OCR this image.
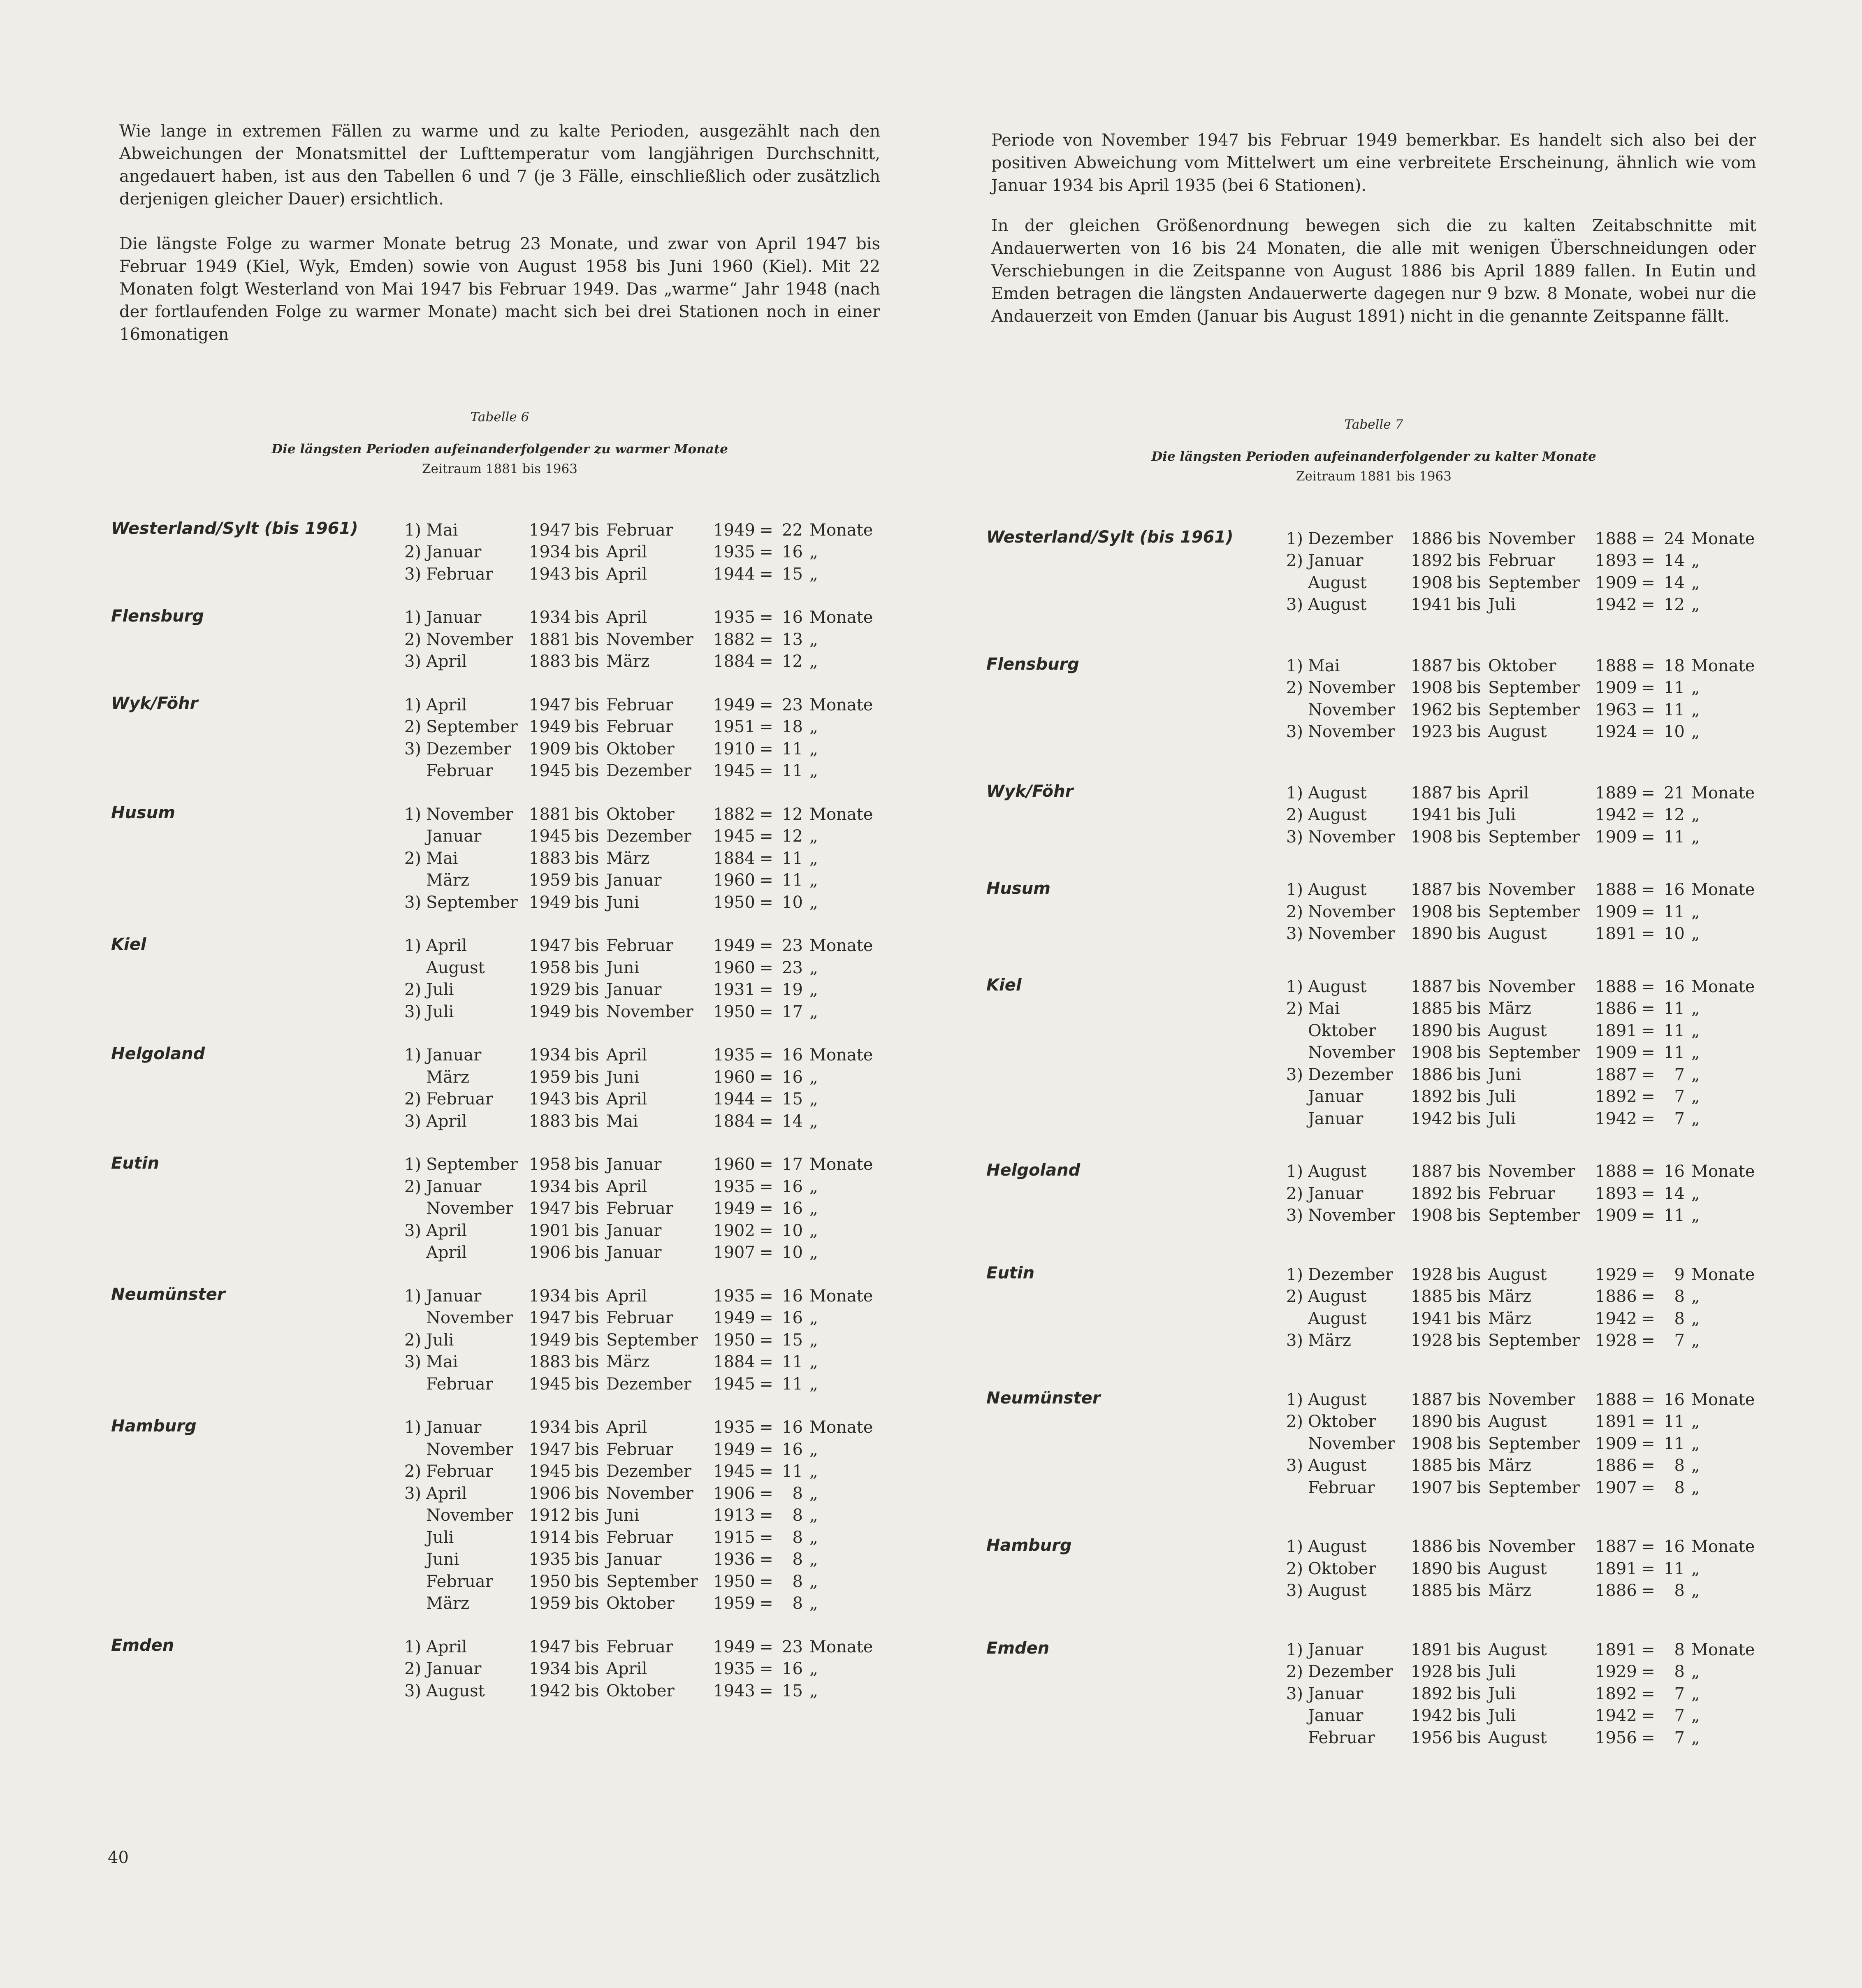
Wie lange in extremen Fällen zu warme und zu kalte Perioden, ausgezählt nach den Abweichungen der Monatsmittel der Lufttemperatur vom langjährigen Durchschnitt, angedauert haben, ist aus den Tabellen 6 und 7 (je 3 Fälle, einschließlich oder zusätzlich derjenigen gleicher Dauer) ersichtlich.

Die längste Folge zu warmer Monate betrug 23 Monate, und zwar von April 1947 bis Februar 1949 (Kiel, Wyk, Emden) sowie von August 1958 bis Juni 1960 (Kiel). Mit 22 Monaten folgt Westerland von Mai 1947 bis Februar 1949. Das „warme“ Jahr 1948 (nach der fortlaufenden Folge zu warmer Monate) macht sich bei drei Stationen noch in einer 16monatigen

Periode von November 1947 bis Februar 1949 bemerkbar. Es handelt sich also bei der positiven Abweichung vom Mittelwert um eine verbreitete Erscheinung, ähnlich wie vom Januar 1934 bis April 1935 (bei 6 Stationen).

In der gleichen Größenordnung bewegen sich die zu kalten Zeitabschnitte mit Andauerwerten von 16 bis 24 Monaten, die alle mit wenigen Überschneidungen oder Verschiebungen in die Zeitspanne von August 1886 bis April 1889 fallen. In Eutin und Emden betragen die längsten Andauerwerte dagegen nur 9 bzw. 8 Monate, wobei nur die Andauerzeit von Emden (Januar bis August 1891) nicht in die genannte Zeitspanne fällt.

Tabelle 6
Die längsten Perioden aufeinanderfolgender zu warmer Monate
Zeitraum 1881 bis 1963
Tabelle 7
Die längsten Perioden aufeinanderfolgender zu kalter Monate
Zeitraum 1881 bis 1963
Westerland/Sylt (bis 1961)	1) Mai	1947 bis Februar	1949 = 22 Monate
2) Januar	1934 bis April	1935 = 16 „
3) Februar	1943 bis April	1944 = 15 „
Flensburg	1) Januar	1934 bis April	1935 = 16 Monate
2) November 1881 bis November	1882 = 13 „
3) April	1883 bis März	1884 = 12 „
Wyk/Föhr	1) April	1947 bis Februar	1949 = 23 Monate
2) September 1949 bis Februar	1951 = 18 „
3) Dezember	1909 bis Oktober	1910 = 11 „
Februar	1945 bis Dezember	1945 = 11 „
Husum	1) November 1881 bis Oktober	1882 = 12 Monate
Januar	1945 bis Dezember	1945 = 12 „
2) Mai	1883 bis März	1884 = 11 „
März	1959 bis Januar	1960 = 11 „
3) September 1949 bis Juni	1950 = 10 „
Kiel	1) April	1947 bis Februar	1949 = 23 Monate
August	1958 bis Juni	1960 = 23 „
2) Juli	1929 bis Januar	1931 = 19 „
3) Juli	1949 bis November	1950 = 17 „
Helgoland	1) Januar	1934 bis April	1935 = 16 Monate
März	1959 bis Juni	1960 = 16 „
2) Februar	1943 bis April	1944 = 15 „
3) April	1883 bis Mai	1884 = 14 „
Eutin	1) September 1958 bis Januar	1960 = 17 Monate
2) Januar	1934 bis April	1935 = 16 „
November 1947 bis Februar	1949 = 16 „
3) April	1901 bis Januar	1902 = 10 „
April	1906 bis Januar	1907 = 10 „
Neumünster	1) Januar	1934 bis April	1935 = 16 Monate
November 1947 bis Februar	1949 = 16 „
2) Juli	1949 bis September 1950 = 15 „
3) Mai	1883 bis März	1884 = 11 „
Februar	1945 bis Dezember	1945 = 11 „
Hamburg	1) Januar	1934 bis April	1935 = 16 Monate
November 1947 bis Februar	1949 = 16 „
2) Februar	1945 bis Dezember	1945 = 11 „
3) April	1906 bis November	1906 =	8 „
November 1912 bis Juni	1913 =	8 „
Juli	1914 bis Februar	1915 =	8 „
Juni	1935 bis Januar	1936 =	8 „
Februar	1950 bis September 1950 =	8 „
März	1959 bis Oktober	1959 =	8 „
Emden	1) April	1947 bis Februar	1949 = 23 Monate
2) Januar	1934 bis April	1935 = 16 „
3) August	1942 bis Oktober	1943 = 15 „
Westerland/Sylt (bis 1961)	1) Dezember	1886 bis November	1888 = 24 Monate
2) Januar	1892 bis Februar	1893 = 14 „
August	1908 bis September 1909 = 14 „
3) August	1941 bis Juli	1942 = 12 „
Flensburg	1) Mai	1887 bis Oktober	1888 = 18 Monate
2) November 1908 bis September 1909 = 11 „
November 1962 bis September 1963 = 11 „
3) November 1923 bis August	1924 = 10 „
Wyk/Föhr	1) August	1887 bis April	1889 = 21 Monate
2) August	1941 bis Juli	1942 = 12 „
3) November 1908 bis September 1909 = 11 „
Husum	1) August	1887 bis November	1888 = 16 Monate
2) November 1908 bis September 1909 = 11 „
3) November 1890 bis August	1891 = 10 „
Kiel	1) August	1887 bis November	1888 = 16 Monate
2) Mai	1885 bis März	1886 = 11 „
Oktober	1890 bis August	1891 = 11 „
November 1908 bis September 1909 = 11 „
3) Dezember	1886 bis Juni	1887 =	7 „
Januar	1892 bis Juli	1892 =	7 „
Januar	1942 bis Juli	1942 =	7 „
Helgoland	1) August	1887 bis November	1888 = 16 Monate
2) Januar	1892 bis Februar	1893 = 14 „
3) November 1908 bis September 1909 = 11 „
Eutin	1) Dezember	1928 bis August	1929 =	9 Monate
2) August	1885 bis März	1886 =	8 „
August	1941 bis März	1942 =	8 „
3) März	1928 bis September 1928 =	7 „
Neumünster	1) August	1887 bis November	1888 = 16 Monate
2) Oktober	1890 bis August	1891 = 11 „
November 1908 bis September 1909 = 11 „
3) August	1885 bis März	1886 =	8 „
Februar	1907 bis September 1907 =	8 „
Hamburg	1) August	1886 bis November	1887 = 16 Monate
2) Oktober	1890 bis August	1891 = 11 „
3) August	1885 bis März	1886 =	8 „
Emden	1) Januar	1891 bis August	1891 =	8 Monate
2) Dezember	1928 bis Juli	1929 =	8 „
3) Januar	1892 bis Juli	1892 =	7 „
Januar	1942 bis Juli	1942 =	7 „
Februar	1956 bis August	1956 =	7 „
40
